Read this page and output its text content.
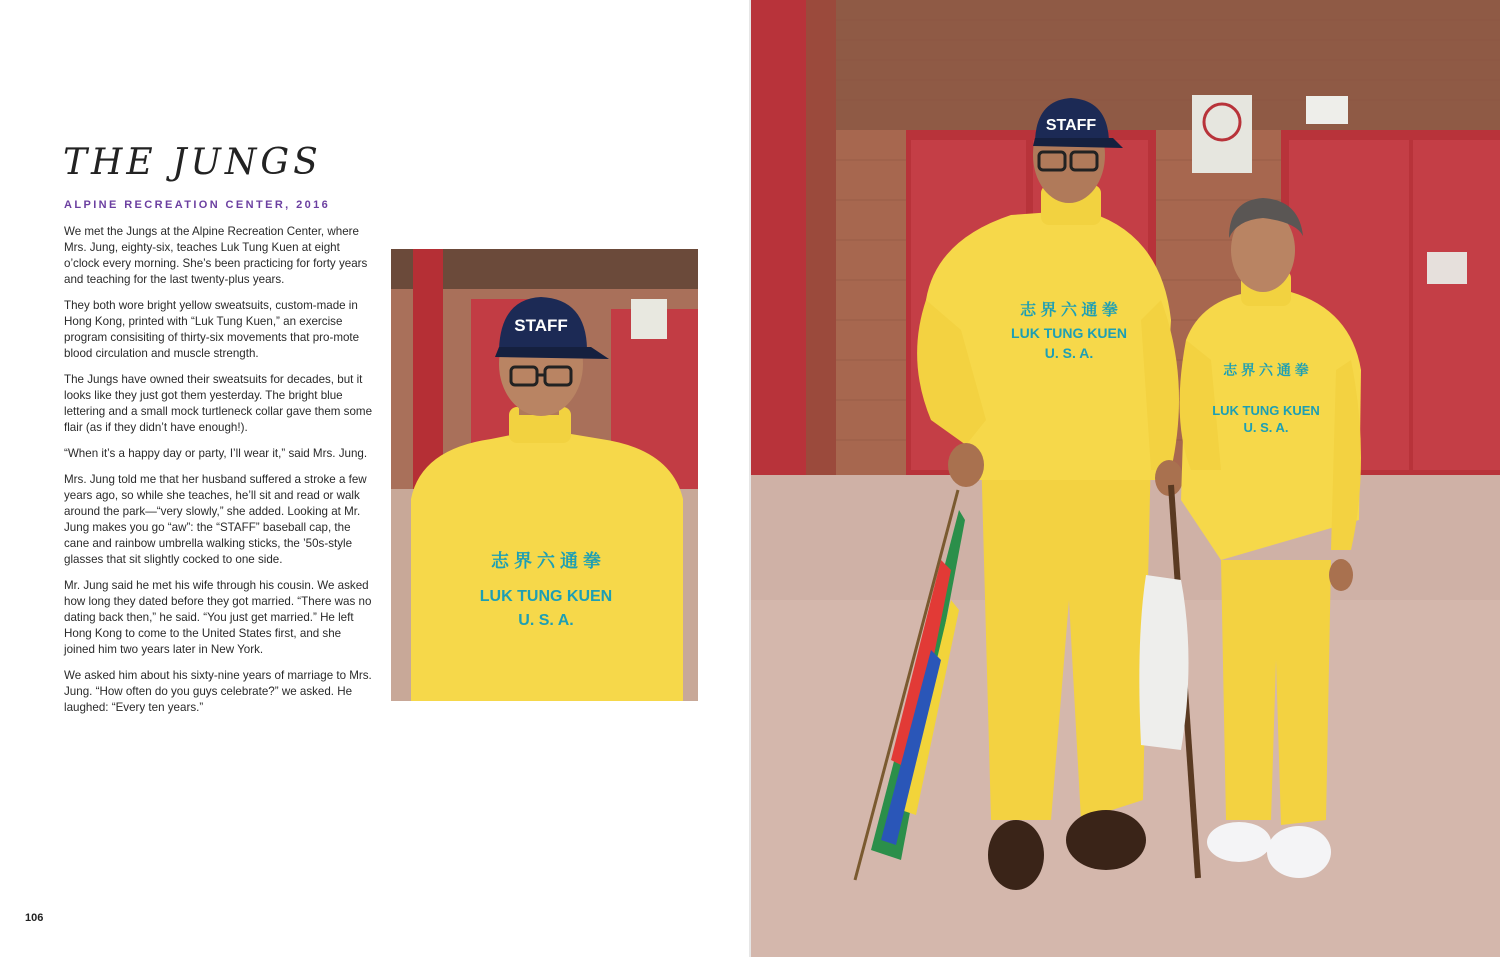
THE JUNGS
ALPINE RECREATION CENTER, 2016

We met the Jungs at the Alpine Recreation Center, where Mrs. Jung, eighty-six, teaches Luk Tung Kuen at eight o’clock every morning. She’s been practicing for forty years and teaching for the last twenty-plus years.

They both wore bright yellow sweatsuits, custom-made in Hong Kong, printed with “Luk Tung Kuen,” an exercise program consisiting of thirty-six movements that pro-mote blood circulation and muscle strength.

The Jungs have owned their sweatsuits for decades, but it looks like they just got them yesterday. The bright blue lettering and a small mock turtleneck collar gave them some flair (as if they didn’t have enough!).

“When it’s a happy day or party, I’ll wear it,” said Mrs. Jung.

Mrs. Jung told me that her husband suffered a stroke a few years ago, so while she teaches, he’ll sit and read or walk around the park—“very slowly,” she added. Looking at Mr. Jung makes you go “aw”: the “STAFF” baseball cap, the cane and rainbow umbrella walking sticks, the ’50s-style glasses that sit slightly cocked to one side.

Mr. Jung said he met his wife through his cousin. We asked how long they dated before they got married. “There was no dating back then,” he said. “You just get married.” He left Hong Kong to come to the United States first, and she joined him two years later in New York.

We asked him about his sixty-nine years of marriage to Mrs. Jung. “How often do you guys celebrate?” we asked. He laughed: “Every ten years.”

STAFF
志 界 六 通 拳
LUK TUNG KUEN
U. S. A.
106
STAFF
志 界 六 通 拳
LUK TUNG KUEN
U. S. A.
志 界 六 通 拳
LUK TUNG KUEN
U. S. A.
